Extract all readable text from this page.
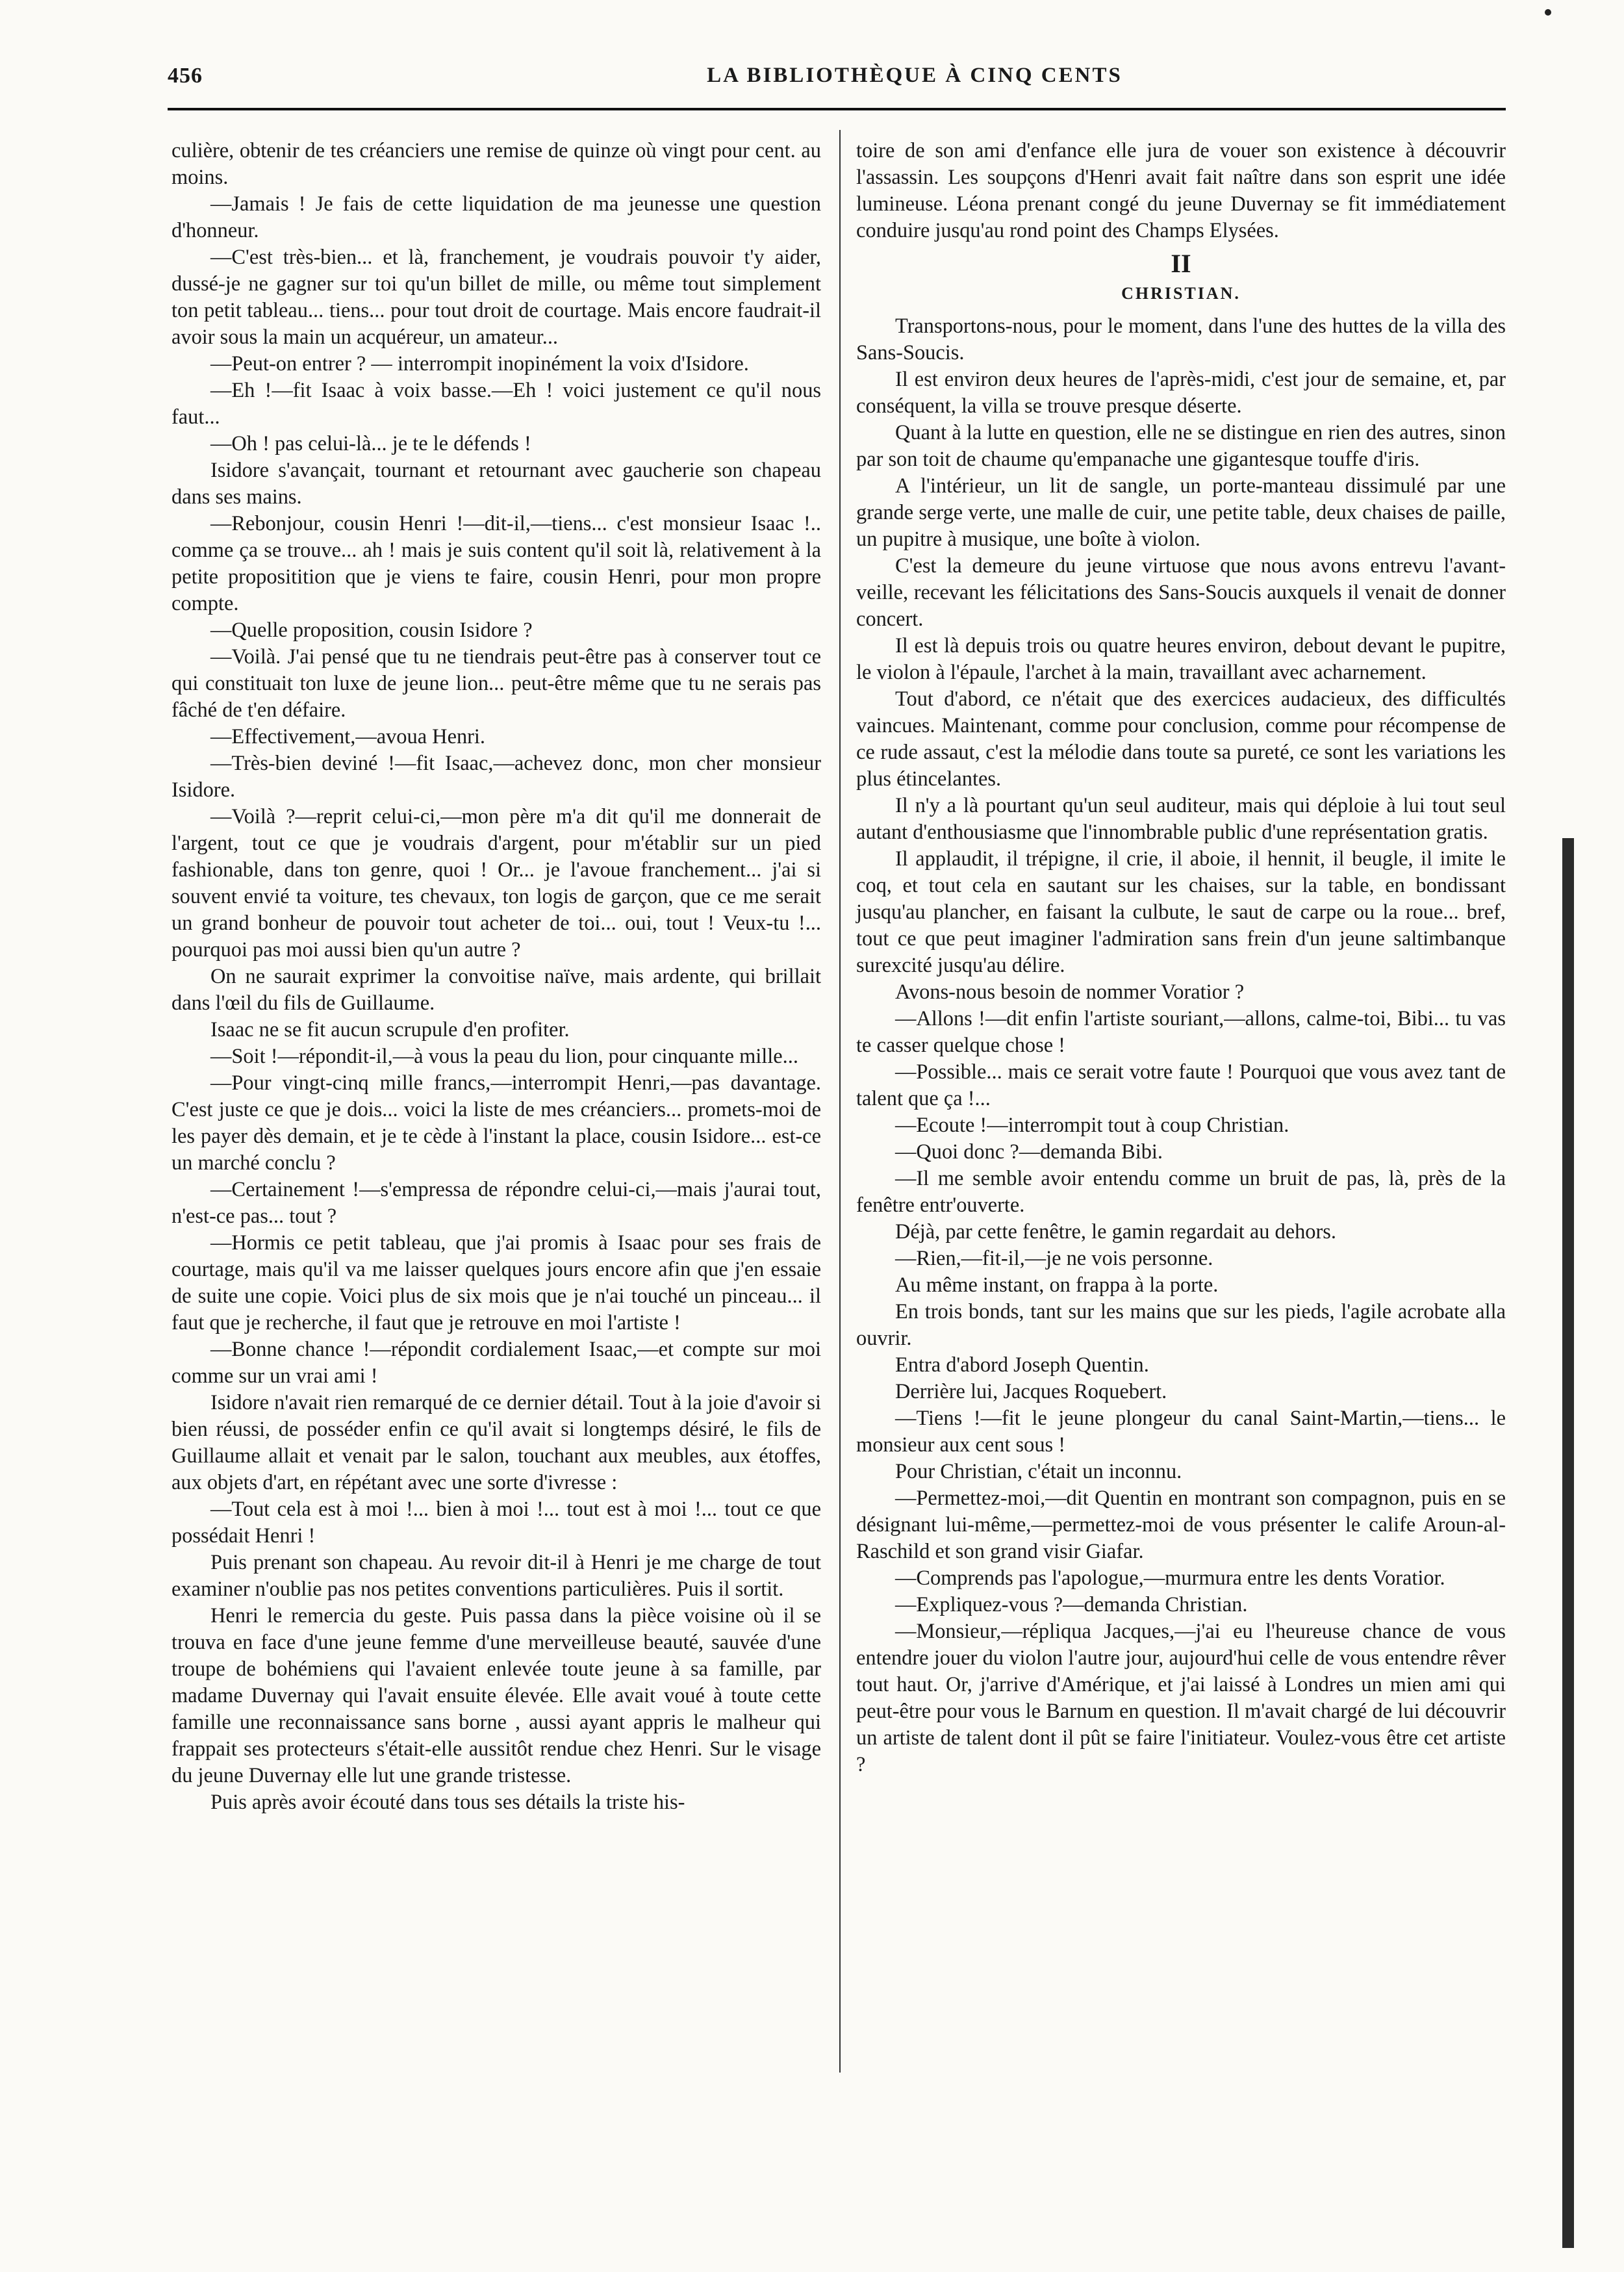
456	LA BIBLIOTHÈQUE À CINQ CENTS

culière, obtenir de tes créanciers une remise de quinze où vingt pour cent. au moins.

—Jamais ! Je fais de cette liquidation de ma jeunesse une question d'honneur.

—C'est très-bien... et là, franchement, je voudrais pouvoir t'y aider, dussé-je ne gagner sur toi qu'un billet de mille, ou même tout simplement ton petit tableau... tiens... pour tout droit de courtage. Mais encore faudrait-il avoir sous la main un acquéreur, un amateur...

—Peut-on entrer ? — interrompit inopinément la voix d'Isidore.

—Eh !—fit Isaac à voix basse.—Eh ! voici justement ce qu'il nous faut...

—Oh ! pas celui-là... je te le défends !

Isidore s'avançait, tournant et retournant avec gaucherie son chapeau dans ses mains.

—Rebonjour, cousin Henri !—dit-il,—tiens... c'est monsieur Isaac !.. comme ça se trouve... ah ! mais je suis content qu'il soit là, relativement à la petite propositition que je viens te faire, cousin Henri, pour mon propre compte.

—Quelle proposition, cousin Isidore ?

—Voilà. J'ai pensé que tu ne tiendrais peut-être pas à conserver tout ce qui constituait ton luxe de jeune lion... peut-être même que tu ne serais pas fâché de t'en défaire.

—Effectivement,—avoua Henri.

—Très-bien deviné !—fit Isaac,—achevez donc, mon cher monsieur Isidore.

—Voilà ?—reprit celui-ci,—mon père m'a dit qu'il me donnerait de l'argent, tout ce que je voudrais d'argent, pour m'établir sur un pied fashionable, dans ton genre, quoi ! Or... je l'avoue franchement... j'ai si souvent envié ta voiture, tes chevaux, ton logis de garçon, que ce me serait un grand bonheur de pouvoir tout acheter de toi... oui, tout ! Veux-tu !... pourquoi pas moi aussi bien qu'un autre ?

On ne saurait exprimer la convoitise naïve, mais ardente, qui brillait dans l'œil du fils de Guillaume.

Isaac ne se fit aucun scrupule d'en profiter.

—Soit !—répondit-il,—à vous la peau du lion, pour cinquante mille...

—Pour vingt-cinq mille francs,—interrompit Henri,—pas davantage. C'est juste ce que je dois... voici la liste de mes créanciers... promets-moi de les payer dès demain, et je te cède à l'instant la place, cousin Isidore... est-ce un marché conclu ?

—Certainement !—s'empressa de répondre celui-ci,—mais j'aurai tout, n'est-ce pas... tout ?

—Hormis ce petit tableau, que j'ai promis à Isaac pour ses frais de courtage, mais qu'il va me laisser quelques jours encore afin que j'en essaie de suite une copie. Voici plus de six mois que je n'ai touché un pinceau... il faut que je recherche, il faut que je retrouve en moi l'artiste !

—Bonne chance !—répondit cordialement Isaac,—et compte sur moi comme sur un vrai ami !

Isidore n'avait rien remarqué de ce dernier détail. Tout à la joie d'avoir si bien réussi, de posséder enfin ce qu'il avait si longtemps désiré, le fils de Guillaume allait et venait par le salon, touchant aux meubles, aux étoffes, aux objets d'art, en répétant avec une sorte d'ivresse :

—Tout cela est à moi !... bien à moi !... tout est à moi !... tout ce que possédait Henri !

Puis prenant son chapeau. Au revoir dit-il à Henri je me charge de tout examiner n'oublie pas nos petites conventions particulières. Puis il sortit.

Henri le remercia du geste. Puis passa dans la pièce voisine où il se trouva en face d'une jeune femme d'une merveilleuse beauté, sauvée d'une troupe de bohémiens qui l'avaient enlevée toute jeune à sa famille, par madame Duvernay qui l'avait ensuite élevée. Elle avait voué à toute cette famille une reconnaissance sans borne , aussi ayant appris le malheur qui frappait ses protecteurs s'était-elle aussitôt rendue chez Henri. Sur le visage du jeune Duvernay elle lut une grande tristesse.

Puis après avoir écouté dans tous ses détails la triste his-

toire de son ami d'enfance elle jura de vouer son existence à découvrir l'assassin. Les soupçons d'Henri avait fait naître dans son esprit une idée lumineuse. Léona prenant congé du jeune Duvernay se fit immédiatement conduire jusqu'au rond point des Champs Elysées.

II

CHRISTIAN.

Transportons-nous, pour le moment, dans l'une des huttes de la villa des Sans-Soucis.

Il est environ deux heures de l'après-midi, c'est jour de semaine, et, par conséquent, la villa se trouve presque déserte.

Quant à la lutte en question, elle ne se distingue en rien des autres, sinon par son toit de chaume qu'empanache une gigantesque touffe d'iris.

A l'intérieur, un lit de sangle, un porte-manteau dissimulé par une grande serge verte, une malle de cuir, une petite table, deux chaises de paille, un pupitre à musique, une boîte à violon.

C'est la demeure du jeune virtuose que nous avons entrevu l'avant-veille, recevant les félicitations des Sans-Soucis auxquels il venait de donner concert.

Il est là depuis trois ou quatre heures environ, debout devant le pupitre, le violon à l'épaule, l'archet à la main, travaillant avec acharnement.

Tout d'abord, ce n'était que des exercices audacieux, des difficultés vaincues. Maintenant, comme pour conclusion, comme pour récompense de ce rude assaut, c'est la mélodie dans toute sa pureté, ce sont les variations les plus étincelantes.

Il n'y a là pourtant qu'un seul auditeur, mais qui déploie à lui tout seul autant d'enthousiasme que l'innombrable public d'une représentation gratis.

Il applaudit, il trépigne, il crie, il aboie, il hennit, il beugle, il imite le coq, et tout cela en sautant sur les chaises, sur la table, en bondissant jusqu'au plancher, en faisant la culbute, le saut de carpe ou la roue... bref, tout ce que peut imaginer l'admiration sans frein d'un jeune saltimbanque surexcité jusqu'au délire.

Avons-nous besoin de nommer Voratior ?

—Allons !—dit enfin l'artiste souriant,—allons, calme-toi, Bibi... tu vas te casser quelque chose !

—Possible... mais ce serait votre faute ! Pourquoi que vous avez tant de talent que ça !...

—Ecoute !—interrompit tout à coup Christian.

—Quoi donc ?—demanda Bibi.

—Il me semble avoir entendu comme un bruit de pas, là, près de la fenêtre entr'ouverte.

Déjà, par cette fenêtre, le gamin regardait au dehors.

—Rien,—fit-il,—je ne vois personne.

Au même instant, on frappa à la porte.

En trois bonds, tant sur les mains que sur les pieds, l'agile acrobate alla ouvrir.

Entra d'abord Joseph Quentin.

Derrière lui, Jacques Roquebert.

—Tiens !—fit le jeune plongeur du canal Saint-Martin,—tiens... le monsieur aux cent sous !

Pour Christian, c'était un inconnu.

—Permettez-moi,—dit Quentin en montrant son compagnon, puis en se désignant lui-même,—permettez-moi de vous présenter le calife Aroun-al-Raschild et son grand visir Giafar.

—Comprends pas l'apologue,—murmura entre les dents Voratior.

—Expliquez-vous ?—demanda Christian.

—Monsieur,—répliqua Jacques,—j'ai eu l'heureuse chance de vous entendre jouer du violon l'autre jour, aujourd'hui celle de vous entendre rêver tout haut. Or, j'arrive d'Amérique, et j'ai laissé à Londres un mien ami qui peut-être pour vous le Barnum en question. Il m'avait chargé de lui découvrir un artiste de talent dont il pût se faire l'initiateur. Voulez-vous être cet artiste ?
